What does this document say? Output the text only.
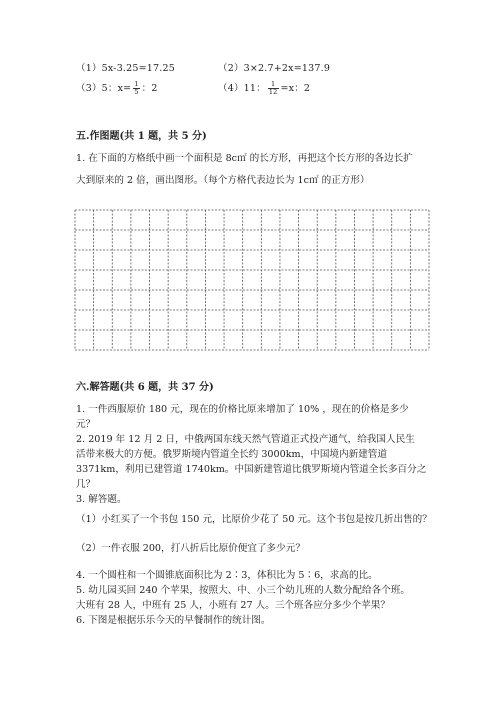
（1）5x-3.25=17.25	（2）3×2.7+2x=137.9
（3）5：$x= \frac{1}{5}$ ：2	（4）11： $\frac{1}{12} =x$：2
五.作图题(共 1 题，共 5 分)
1. 在下面的方格纸中画一个面积是 8c㎡ 的长方形，再把这个长方形的各边长扩
大到原来的 2 倍，画出图形。（每个方格代表边长为 1c㎡ 的正方形）
六.解答题(共 6 题，共 37 分)
1. 一件西服原价 180 元，现在的价格比原来增加了 10% ，现在的价格是多少
元？
2. 2019 年 12 月 2 日，中俄两国东线天然气管道正式投产通气，给我国人民生
活带来极大的方便。俄罗斯境内管道全长约 3000km，中国境内新建管道
3371km，利用已建管道 1740km。中国新建管道比俄罗斯境内管道全长多百分之
几？
3. 解答题。
（1）小红买了一个书包 150 元，比原价少花了 50 元。这个书包是按几折出售的？
（2）一件衣服 200，打八折后比原价便宜了多少元？
4. 一个圆柱和一个圆锥底面积比为 2∶3，体积比为 5∶6，求高的比。
5. 幼儿园买回 240 个苹果，按照大、中、小三个幼儿班的人数分配给各个班。
大班有 28 人，中班有 25 人，小班有 27 人。三个班各应分多少个苹果？
6. 下图是根据乐乐今天的早餐制作的统计图。
